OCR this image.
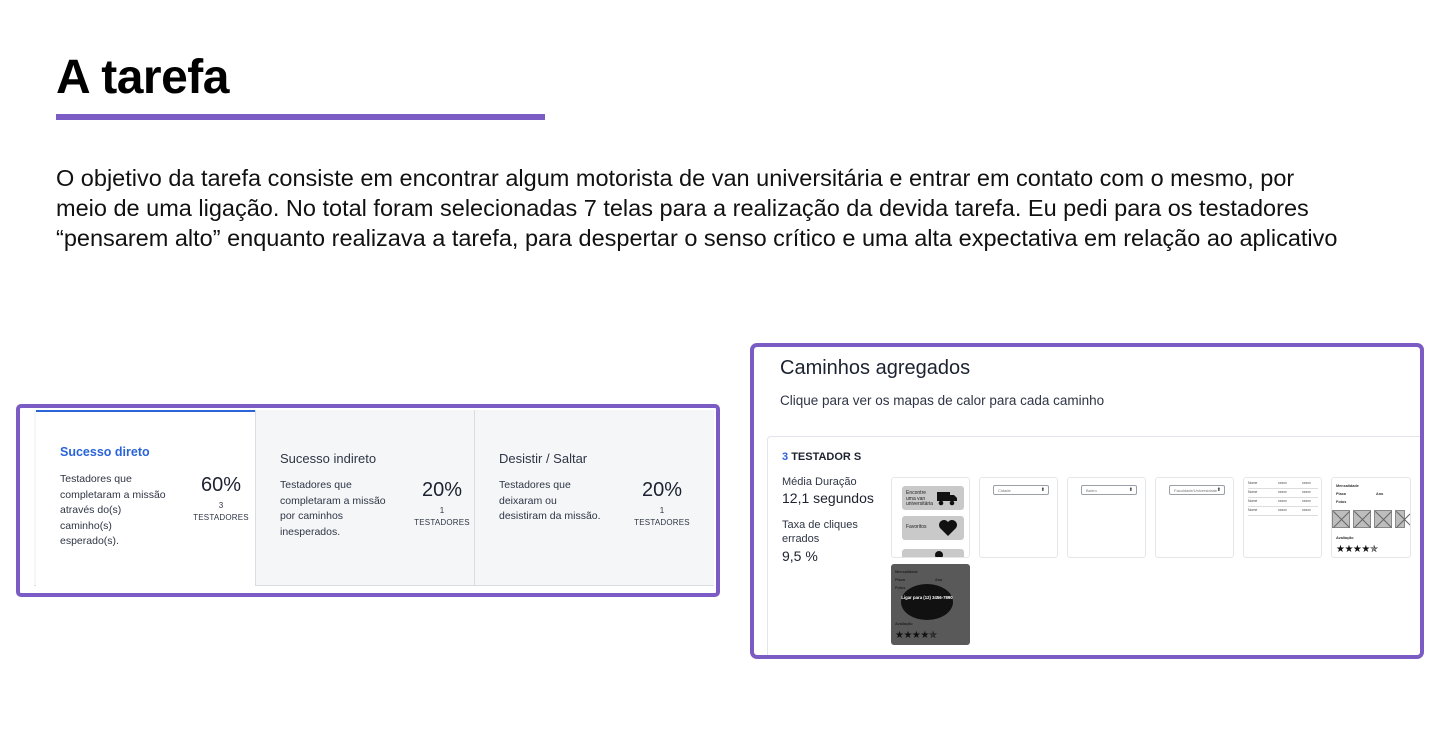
A tarefa

O objetivo da tarefa consiste em encontrar algum motorista de van universitária e entrar em contato com o mesmo, por meio de uma ligação. No total foram selecionadas 7 telas para a realização da devida tarefa. Eu pedi para os testadores “pensarem alto” enquanto realizava a tarefa, para despertar o senso crítico e uma alta expectativa em relação ao aplicativo

Sucesso direto
Testadores que completaram a missão através do(s) caminho(s) esperado(s).
60%
3
TESTADORES
Sucesso indireto
Testadores que completaram a missão por caminhos inesperados.
20%
1
TESTADORES
Desistir / Saltar
Testadores que deixaram ou desistiram da missão.
20%
1
TESTADORES
Caminhos agregados
Clique para ver os mapas de calor para cada caminho
3 TESTADOR S
Média Duração
12,1 segundos
Taxa de cliques errados
9,5 %
Encontre uma van universitária
Favoritos
Cidade	⬍	Bairro	⬍	Faculdade/Universidade ⬍
Nome	xxxxx	xxxxx
Nome	xxxxx	xxxxx
Nome	xxxxx	xxxxx
Nome	xxxxx	xxxxx
Mensalidade
Placa	Ano
Fotos
Avaliação
★★★★✯
Mensalidade
Placa	Ano
Fotos
Ligar para (12) 3456-7890
Avaliação
★★★★✯
